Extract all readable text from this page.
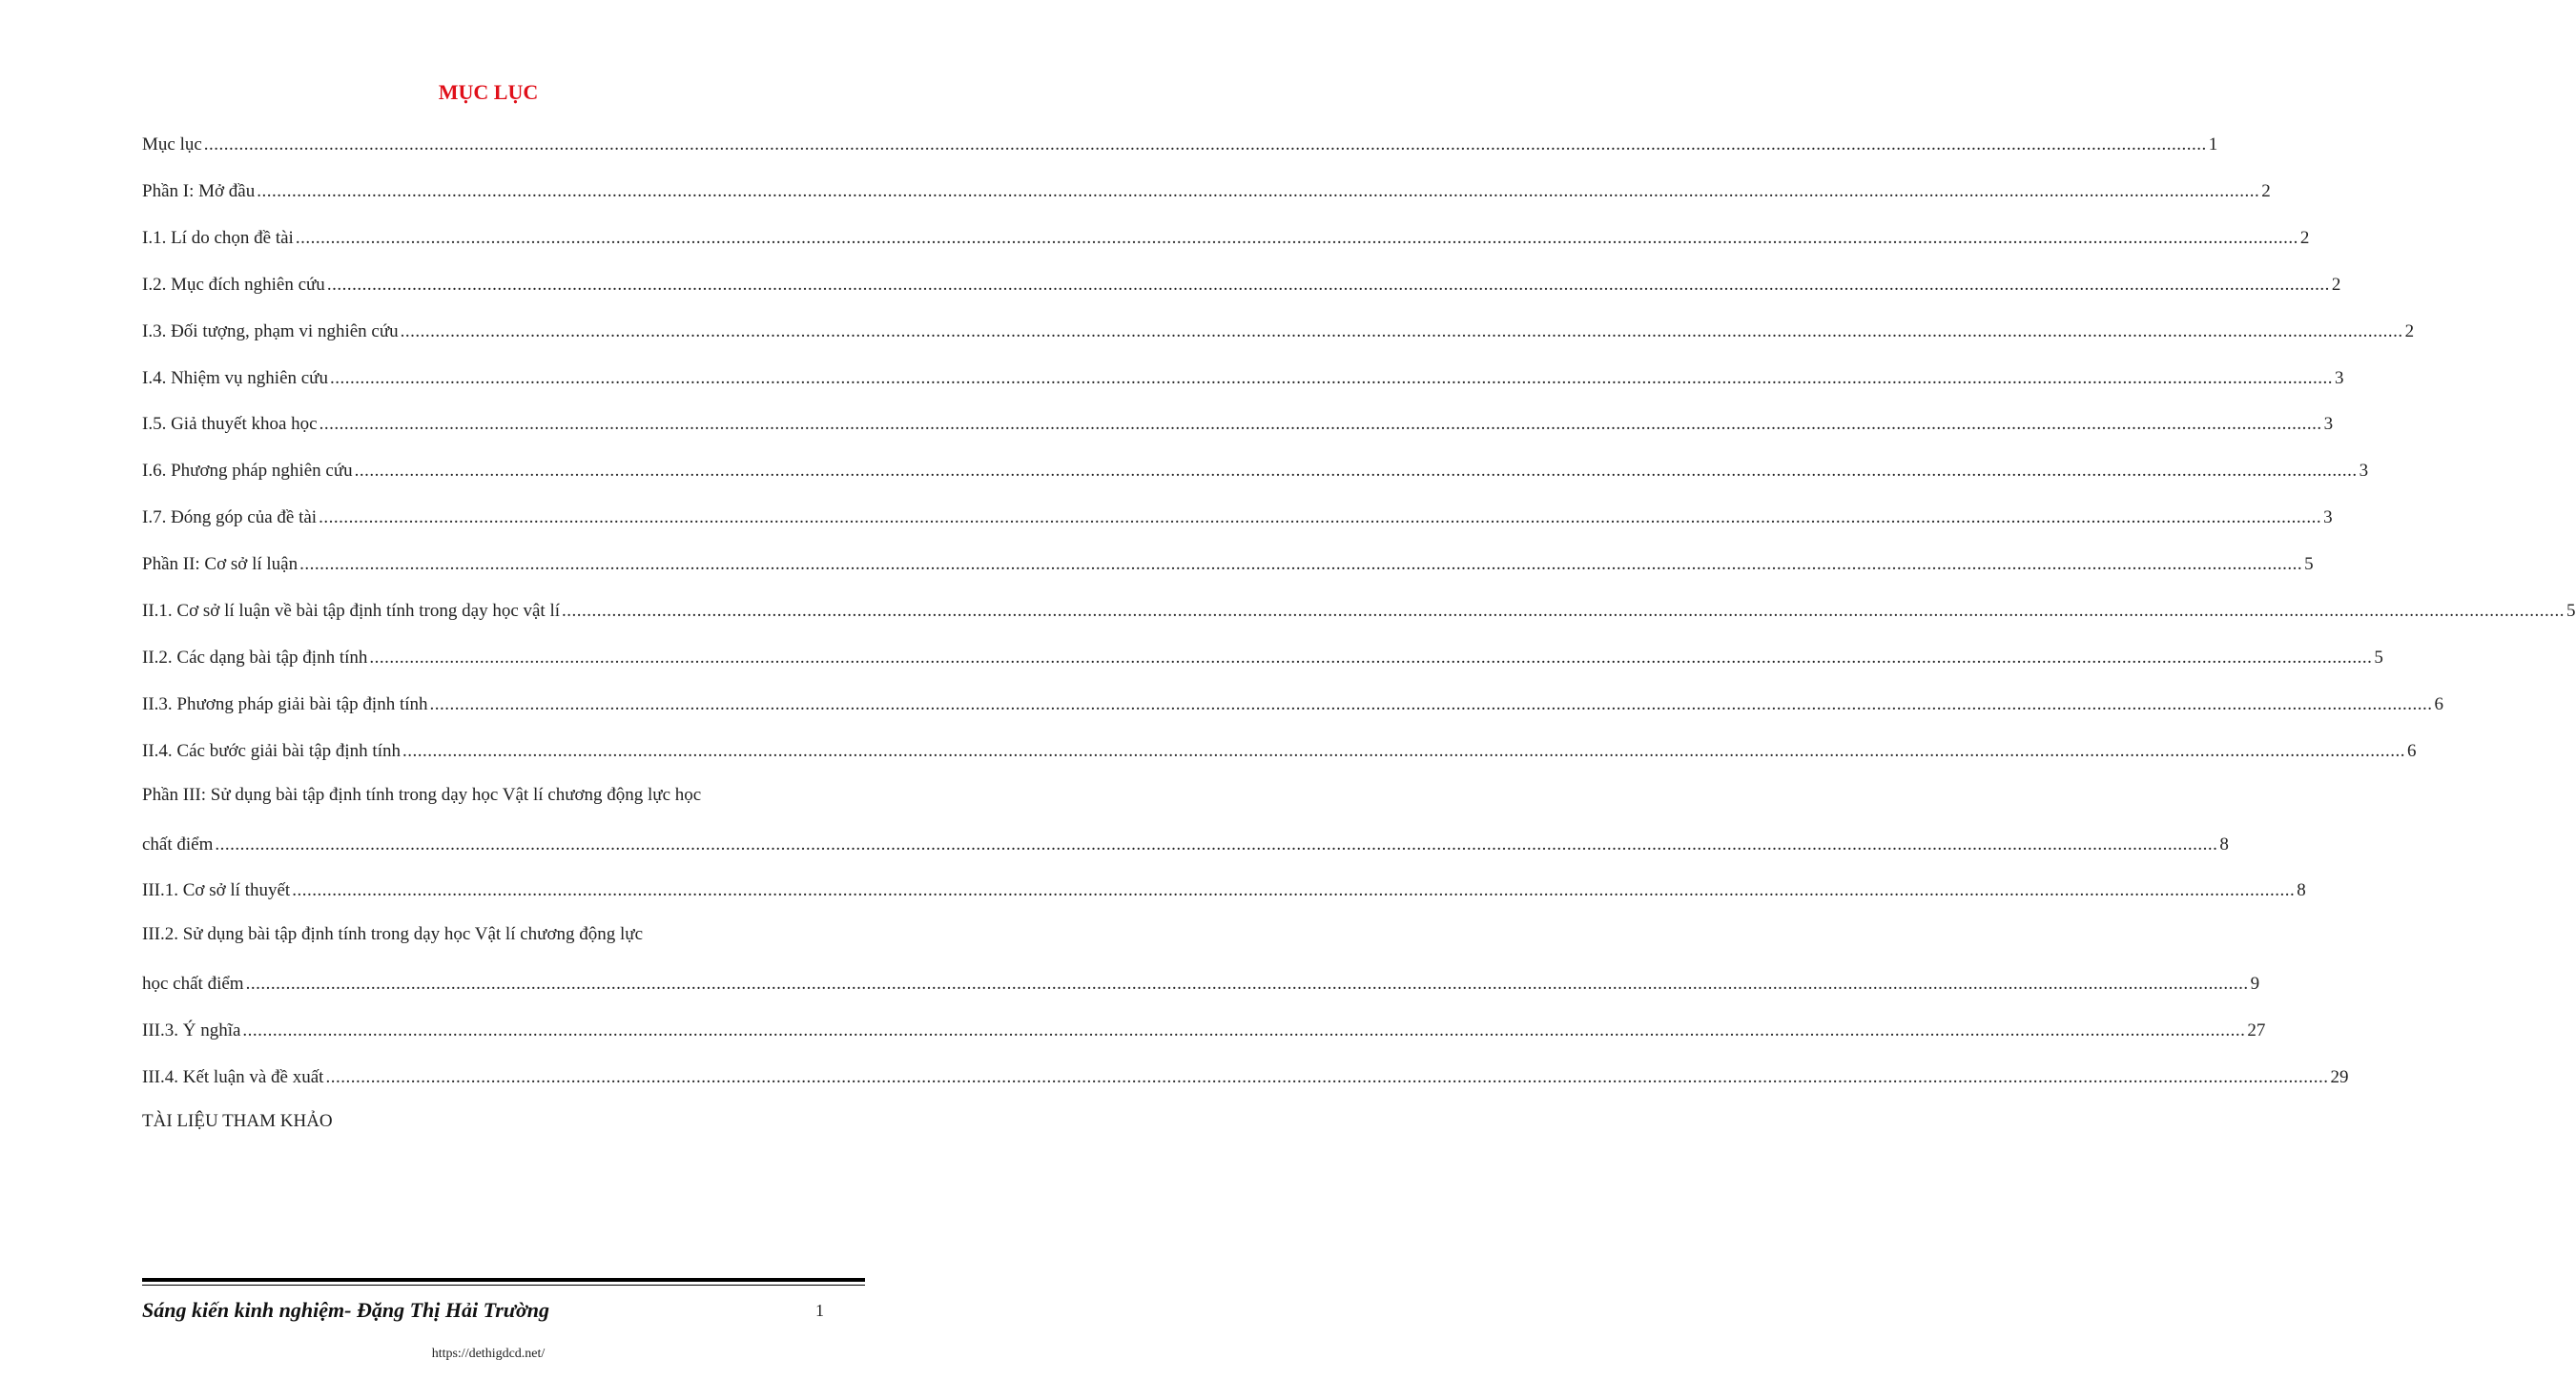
MỤC LỤC
Mục lục ................................................................................................................................................................................................................................................................................................................................................................................................................ 1
Phần I: Mở đầu ................................................................................................................................................................................................................................................................................................................................................................................................................ 2
I.1. Lí do chọn đề tài ................................................................................................................................................................................................................................................................................................................................................................................................................ 2
I.2. Mục đích nghiên cứu ................................................................................................................................................................................................................................................................................................................................................................................................................ 2
I.3. Đối tượng, phạm vi nghiên cứu ................................................................................................................................................................................................................................................................................................................................................................................................................ 2
I.4. Nhiệm vụ nghiên cứu ................................................................................................................................................................................................................................................................................................................................................................................................................ 3
I.5. Giả thuyết khoa học ................................................................................................................................................................................................................................................................................................................................................................................................................ 3
I.6. Phương pháp nghiên cứu ................................................................................................................................................................................................................................................................................................................................................................................................................ 3
I.7. Đóng góp của đề tài ................................................................................................................................................................................................................................................................................................................................................................................................................ 3
Phần II: Cơ sở lí luận ................................................................................................................................................................................................................................................................................................................................................................................................................ 5
II.1. Cơ sở lí luận về bài tập định tính trong dạy học vật lí ................................................................................................................................................................................................................................................................................................................................................................................................................ 5
II.2. Các dạng bài tập định tính ................................................................................................................................................................................................................................................................................................................................................................................................................ 5
II.3. Phương pháp giải bài tập định tính ................................................................................................................................................................................................................................................................................................................................................................................................................ 6
II.4. Các bước giải bài tập định tính ................................................................................................................................................................................................................................................................................................................................................................................................................ 6
Phần III: Sử dụng bài tập định tính trong dạy học Vật lí chương động lực học
chất điểm ................................................................................................................................................................................................................................................................................................................................................................................................................ 8
III.1. Cơ sở lí thuyết ................................................................................................................................................................................................................................................................................................................................................................................................................ 8
III.2. Sử dụng bài tập định tính trong dạy học Vật lí chương động lực
học chất điểm ................................................................................................................................................................................................................................................................................................................................................................................................................ 9
III.3. Ý nghĩa ................................................................................................................................................................................................................................................................................................................................................................................................................ 27
III.4. Kết luận và đề xuất ................................................................................................................................................................................................................................................................................................................................................................................................................ 29
TÀI LIỆU THAM KHẢO
Sáng kiến kinh nghiệm- Đặng Thị Hải Trường	1
https://dethigdcd.net/
